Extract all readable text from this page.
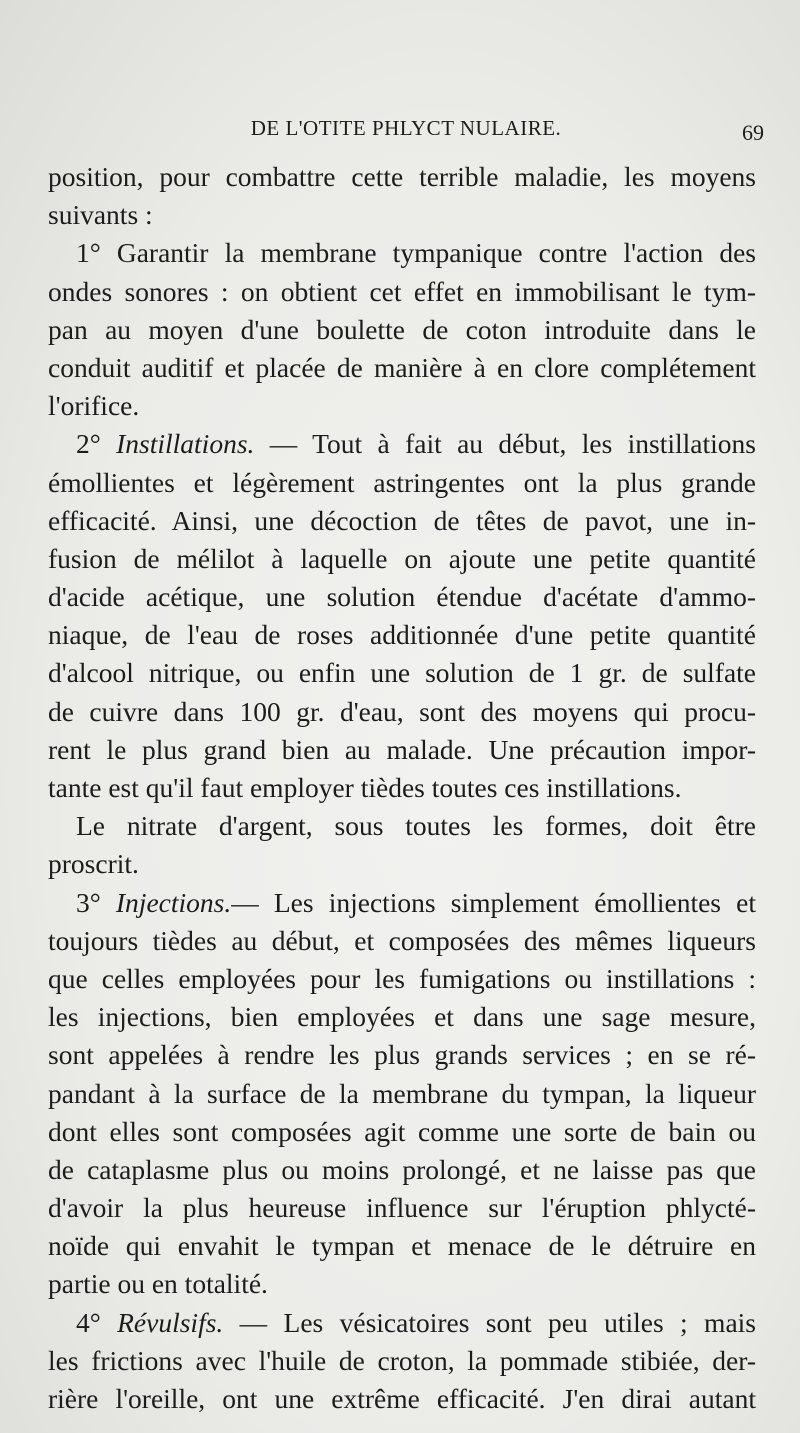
DE L'OTITE PHLYCT NULAIRE.	69
position, pour combattre cette terrible maladie, les moyens
suivants :
1° Garantir la membrane tympanique contre l'action des
ondes sonores : on obtient cet effet en immobilisant le tym-
pan au moyen d'une boulette de coton introduite dans le
conduit auditif et placée de manière à en clore complétement
l'orifice.
2° Instillations. — Tout à fait au début, les instillations
émollientes et légèrement astringentes ont la plus grande
efficacité. Ainsi, une décoction de têtes de pavot, une in-
fusion de mélilot à laquelle on ajoute une petite quantité
d'acide acétique, une solution étendue d'acétate d'ammo-
niaque, de l'eau de roses additionnée d'une petite quantité
d'alcool nitrique, ou enfin une solution de 1 gr. de sulfate
de cuivre dans 100 gr. d'eau, sont des moyens qui procu-
rent le plus grand bien au malade. Une précaution impor-
tante est qu'il faut employer tièdes toutes ces instillations.
Le nitrate d'argent, sous toutes les formes, doit être
proscrit.
3° Injections.— Les injections simplement émollientes et
toujours tièdes au début, et composées des mêmes liqueurs
que celles employées pour les fumigations ou instillations :
les injections, bien employées et dans une sage mesure,
sont appelées à rendre les plus grands services ; en se ré-
pandant à la surface de la membrane du tympan, la liqueur
dont elles sont composées agit comme une sorte de bain ou
de cataplasme plus ou moins prolongé, et ne laisse pas que
d'avoir la plus heureuse influence sur l'éruption phlycté-
noïde qui envahit le tympan et menace de le détruire en
partie ou en totalité.
4° Révulsifs. — Les vésicatoires sont peu utiles ; mais
les frictions avec l'huile de croton, la pommade stibiée, der-
rière l'oreille, ont une extrême efficacité. J'en dirai autant
